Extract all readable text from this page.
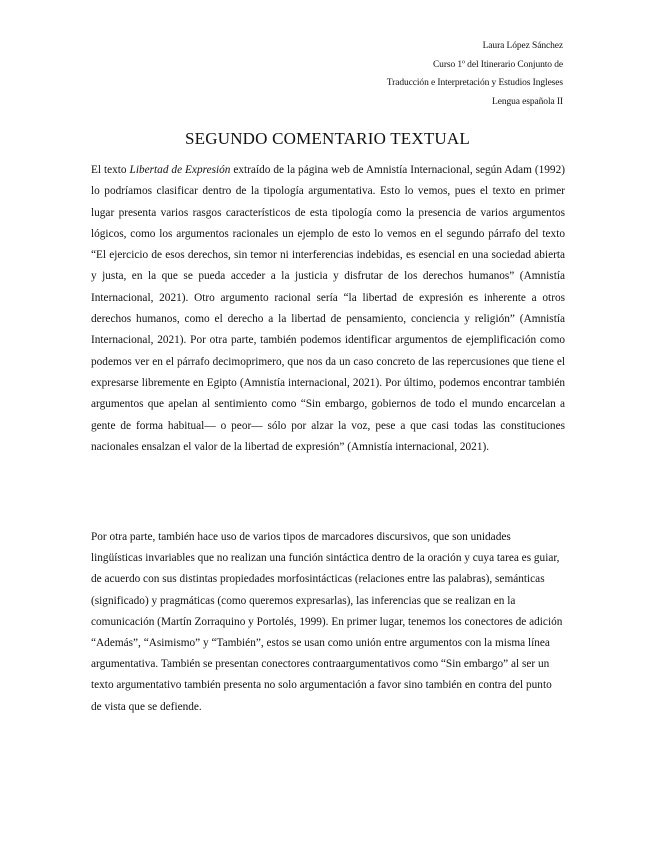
Laura López Sánchez
Curso 1º del Itinerario Conjunto de
Traducción e Interpretación y Estudios Ingleses
Lengua española II
SEGUNDO COMENTARIO TEXTUAL

El texto Libertad de Expresión extraído de la página web de Amnistía Internacional, según Adam (1992) lo podríamos clasificar dentro de la tipología argumentativa. Esto lo vemos, pues el texto en primer lugar presenta varios rasgos característicos de esta tipología como la presencia de varios argumentos lógicos, como los argumentos racionales un ejemplo de esto lo vemos en el segundo párrafo del texto “El ejercicio de esos derechos, sin temor ni interferencias indebidas, es esencial en una sociedad abierta y justa, en la que se pueda acceder a la justicia y disfrutar de los derechos humanos” (Amnistía Internacional, 2021). Otro argumento racional sería “la libertad de expresión es inherente a otros derechos humanos, como el derecho a la libertad de pensamiento, conciencia y religión” (Amnistía Internacional, 2021). Por otra parte, también podemos identificar argumentos de ejemplificación como podemos ver en el párrafo decimoprimero, que nos da un caso concreto de las repercusiones que tiene el expresarse libremente en Egipto (Amnistía internacional, 2021). Por último, podemos encontrar también argumentos que apelan al sentimiento como “Sin embargo, gobiernos de todo el mundo encarcelan a gente de forma habitual— o peor— sólo por alzar la voz, pese a que casi todas las constituciones nacionales ensalzan el valor de la libertad de expresión” (Amnistía internacional, 2021).

Por otra parte, también hace uso de varios tipos de marcadores discursivos, que son unidades lingüísticas invariables que no realizan una función sintáctica dentro de la oración y cuya tarea es guiar, de acuerdo con sus distintas propiedades morfosintácticas (relaciones entre las palabras), semánticas (significado) y pragmáticas (como queremos expresarlas), las inferencias que se realizan en la comunicación (Martín Zorraquino y Portolés, 1999). En primer lugar, tenemos los conectores de adición “Además”, “Asimismo” y “También”, estos se usan como unión entre argumentos con la misma línea argumentativa. También se presentan conectores contraargumentativos como “Sin embargo” al ser un texto argumentativo también presenta no solo argumentación a favor sino también en contra del punto de vista que se defiende.
